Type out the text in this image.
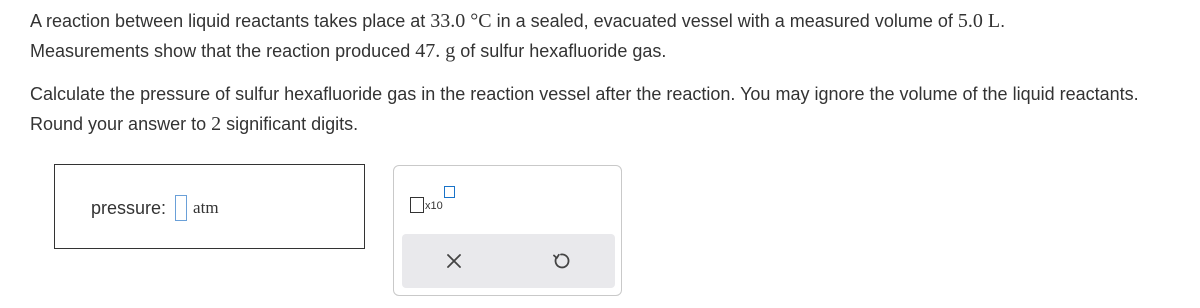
A reaction between liquid reactants takes place at 33.0 °C in a sealed, evacuated vessel with a measured volume of 5.0 L.
Measurements show that the reaction produced 47. g of sulfur hexafluoride gas.
Calculate the pressure of sulfur hexafluoride gas in the reaction vessel after the reaction. You may ignore the volume of the liquid reactants. Round your answer to 2 significant digits.
pressure: atm	x10
